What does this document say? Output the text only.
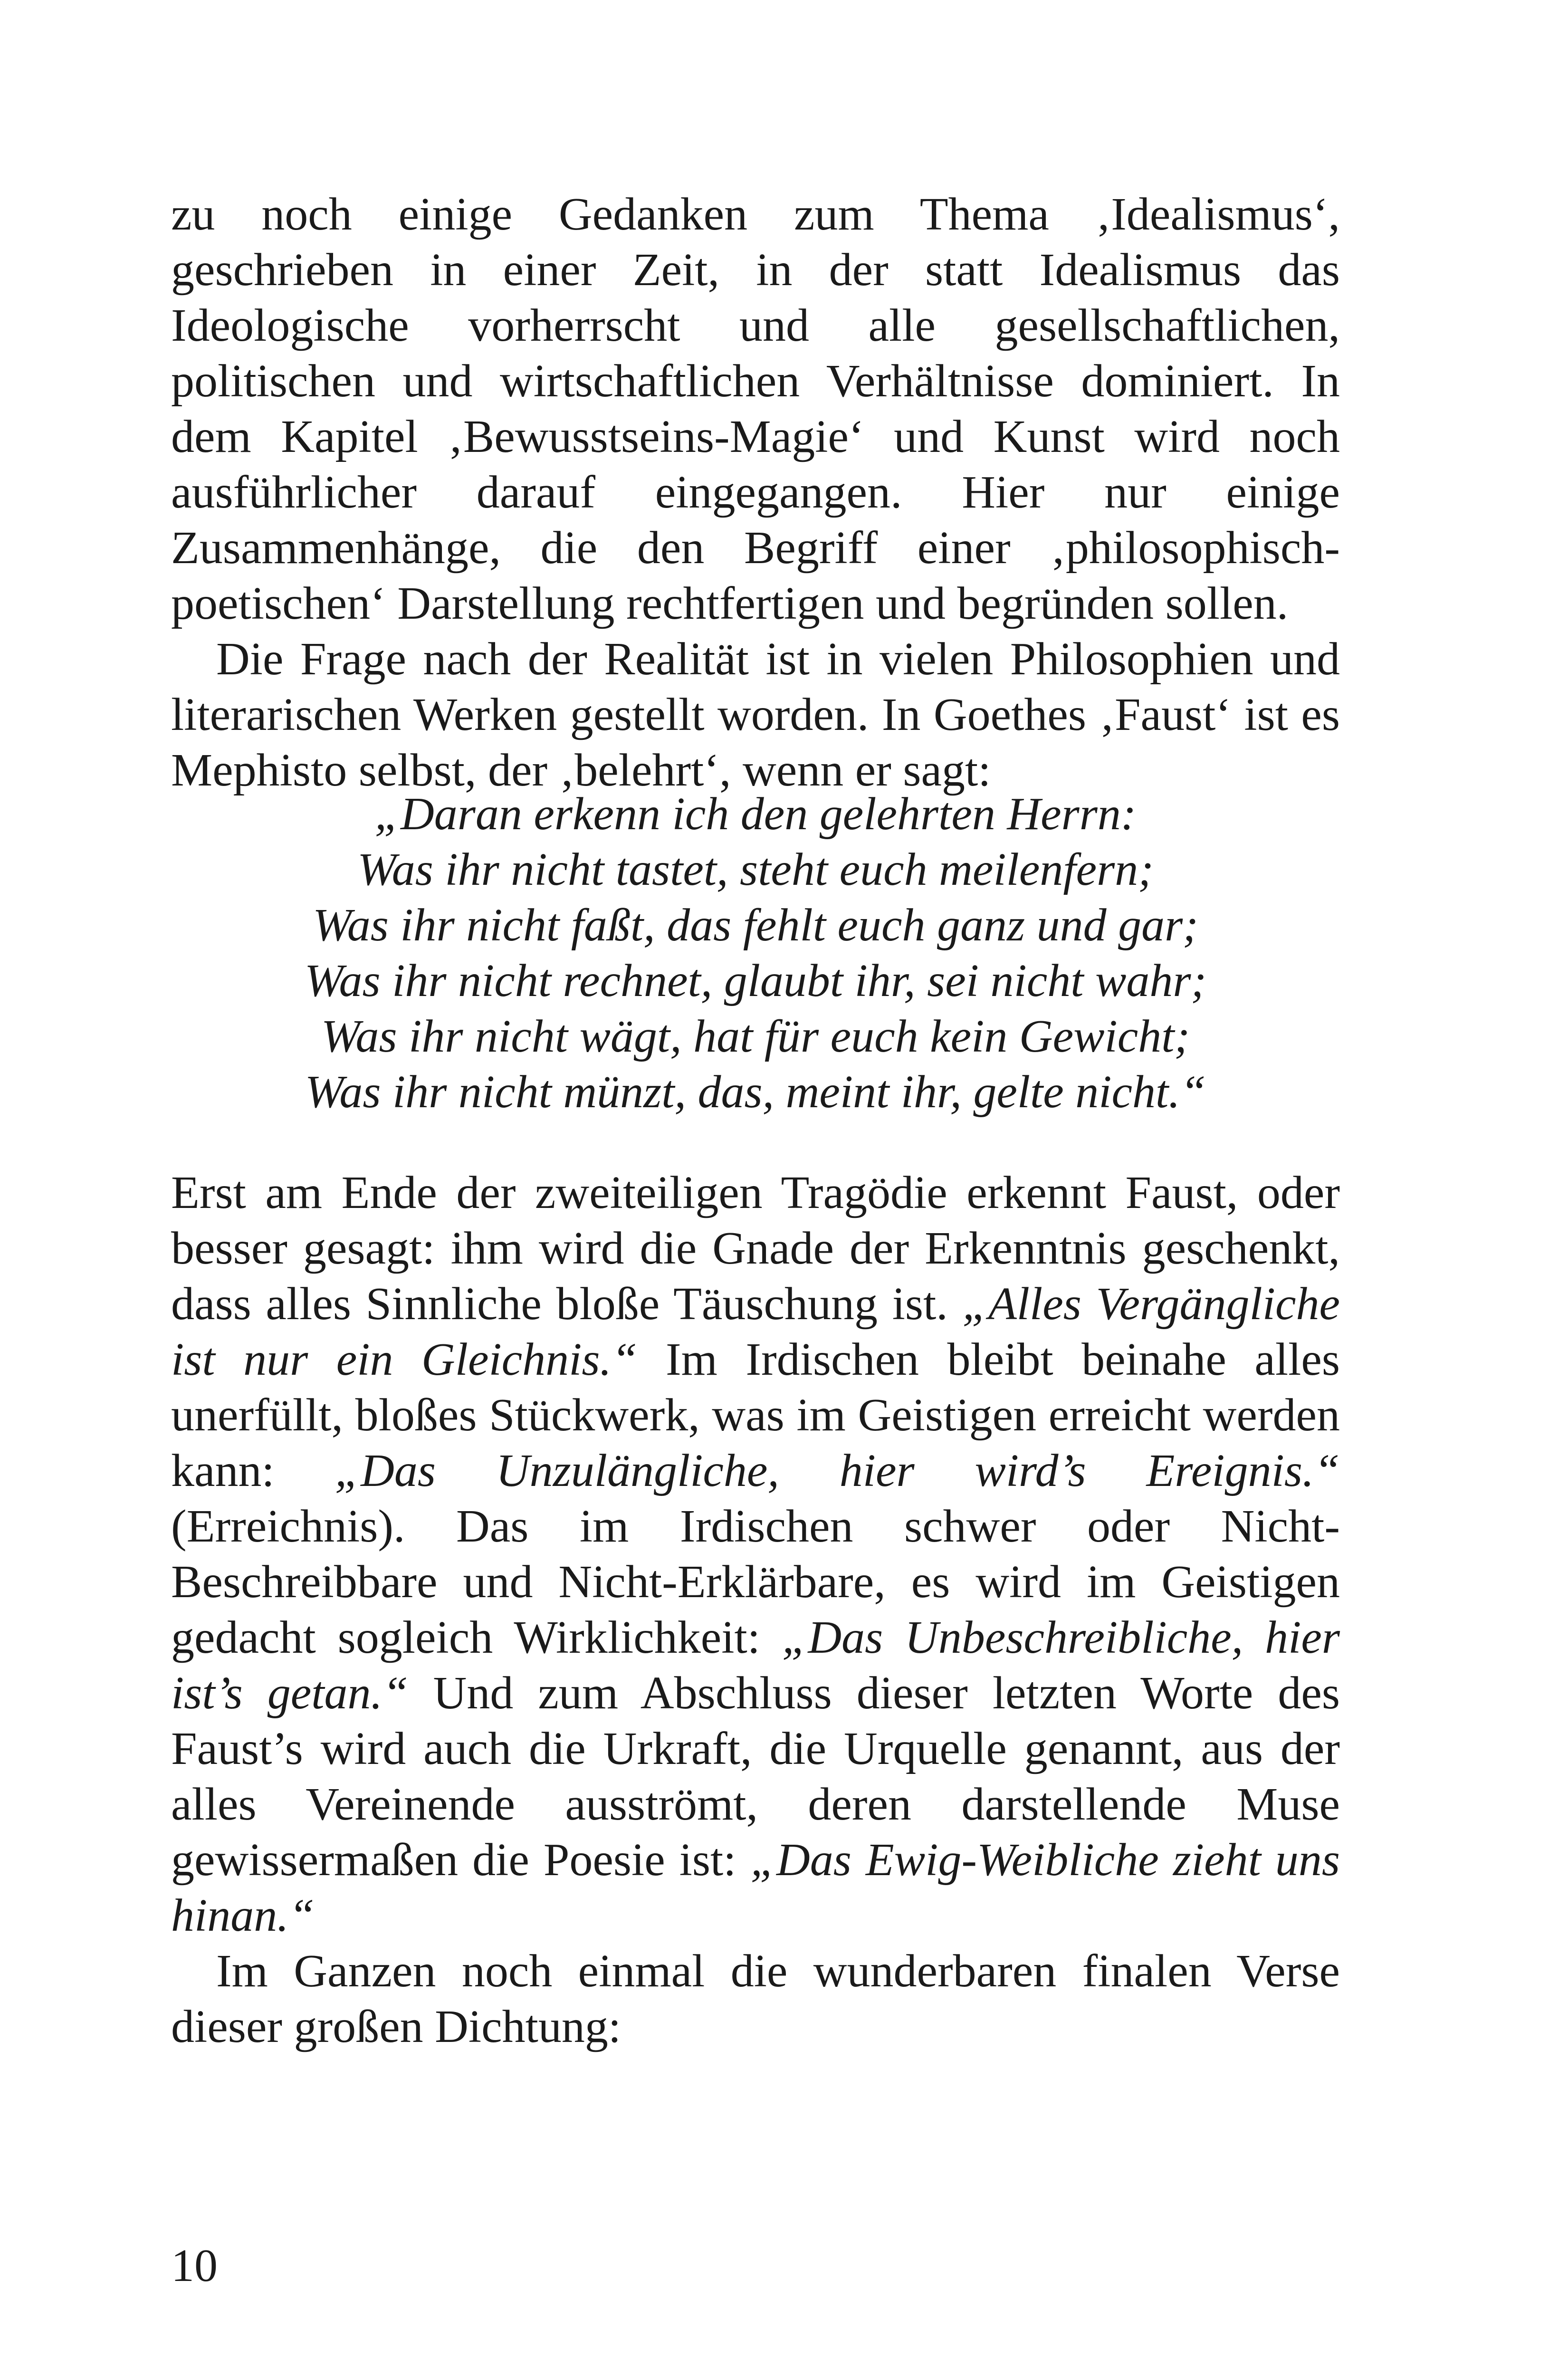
zu noch einige Gedanken zum Thema ‚Idealismus‘, geschrieben in einer Zeit, in der statt Idealismus das Ideologische vorherrscht und alle gesellschaftlichen, politischen und wirtschaftlichen Verhältnisse dominiert. In dem Kapitel ‚Bewusstseins-Magie‘ und Kunst wird noch ausführlicher darauf eingegangen. Hier nur einige Zusammenhänge, die den Begriff einer ‚philosophisch-poetischen‘ Darstellung rechtfertigen und begründen sollen.

Die Frage nach der Realität ist in vielen Philosophien und literarischen Werken gestellt worden. In Goethes ‚Faust‘ ist es Mephisto selbst, der ‚belehrt‘, wenn er sagt:

„Daran erkenn ich den gelehrten Herrn:
Was ihr nicht tastet, steht euch meilenfern;
Was ihr nicht faßt, das fehlt euch ganz und gar;
Was ihr nicht rechnet, glaubt ihr, sei nicht wahr;
Was ihr nicht wägt, hat für euch kein Gewicht;
Was ihr nicht münzt, das, meint ihr, gelte nicht.“

Erst am Ende der zweiteiligen Tragödie erkennt Faust, oder besser gesagt: ihm wird die Gnade der Erkenntnis geschenkt, dass alles Sinnliche bloße Täuschung ist. „Alles Vergängliche ist nur ein Gleichnis.“ Im Irdischen bleibt beinahe alles unerfüllt, bloßes Stückwerk, was im Geistigen erreicht werden kann: „Das Unzulängliche, hier wird’s Ereignis.“ (Erreichnis). Das im Irdischen schwer oder Nicht-Beschreibbare und Nicht-Erklärbare, es wird im Geistigen gedacht sogleich Wirklichkeit: „Das Unbeschreibliche, hier ist’s getan.“ Und zum Abschluss dieser letzten Worte des Faust’s wird auch die Urkraft, die Urquelle genannt, aus der alles Vereinende ausströmt, deren darstellende Muse gewissermaßen die Poesie ist: „Das Ewig-Weibliche zieht uns hinan.“

Im Ganzen noch einmal die wunderbaren finalen Verse dieser großen Dichtung:

10
